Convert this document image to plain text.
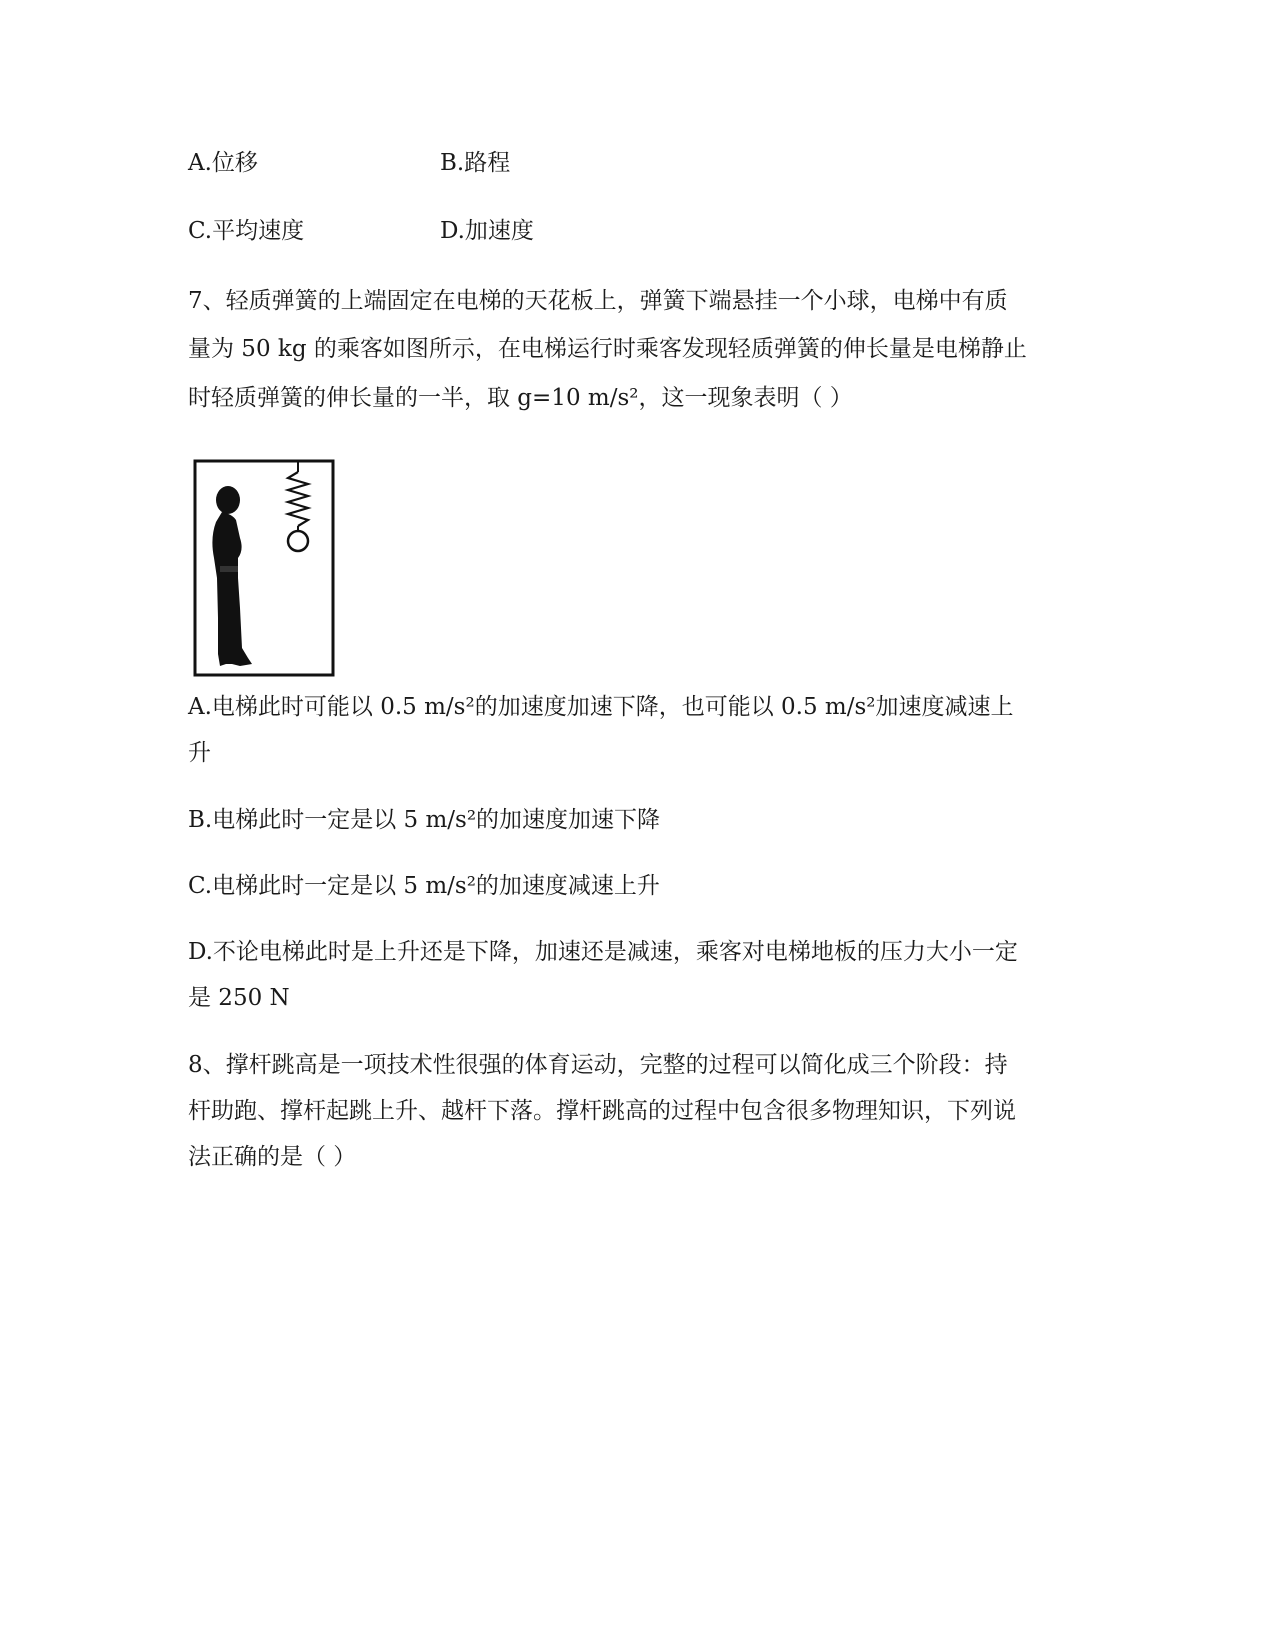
A.位移	B.路程
C.平均速度	D.加速度
7、轻质弹簧的上端固定在电梯的天花板上，弹簧下端悬挂一个小球，电梯中有质
量为 50 kg 的乘客如图所示，在电梯运行时乘客发现轻质弹簧的伸长量是电梯静止
时轻质弹簧的伸长量的一半，取 g=10 m/s²，这一现象表明（ ）
A.电梯此时可能以 0.5 m/s²的加速度加速下降，也可能以 0.5 m/s²加速度减速上
升
B.电梯此时一定是以 5 m/s²的加速度加速下降
C.电梯此时一定是以 5 m/s²的加速度减速上升
D.不论电梯此时是上升还是下降，加速还是减速，乘客对电梯地板的压力大小一定
是 250 N
8、撑杆跳高是一项技术性很强的体育运动，完整的过程可以简化成三个阶段：持
杆助跑、撑杆起跳上升、越杆下落。撑杆跳高的过程中包含很多物理知识，下列说
法正确的是（ ）
